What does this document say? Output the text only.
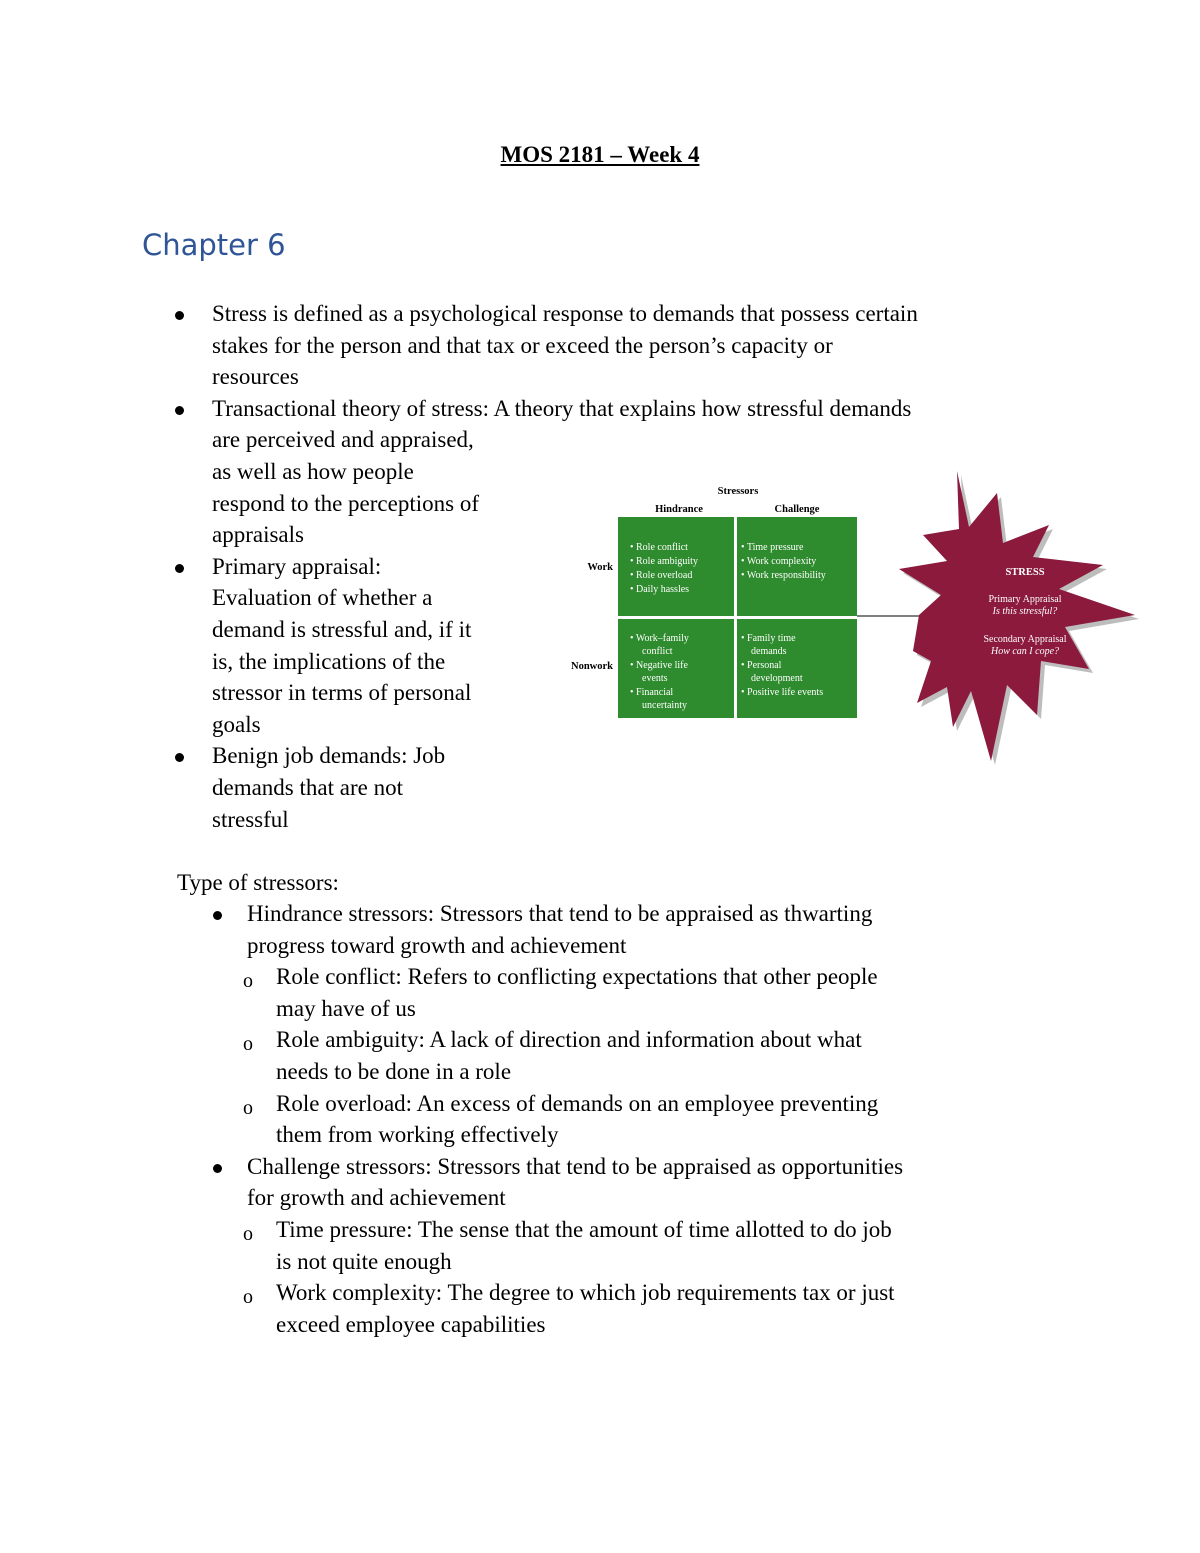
MOS 2181 – Week 4
Chapter 6
Stress is defined as a psychological response to demands that possess certain
stakes for the person and that tax or exceed the person’s capacity or
resources
Transactional theory of stress: A theory that explains how stressful demands
are perceived and appraised,
as well as how people
respond to the perceptions of
appraisals
Primary appraisal:
Evaluation of whether a
demand is stressful and, if it
is, the implications of the
stressor in terms of personal
goals
Benign job demands: Job
demands that are not
stressful
Stressors
Hindrance	Challenge
Work
Nonwork
• Role conflict
• Role ambiguity
• Role overload
• Daily hassles
• Time pressure
• Work complexity
• Work responsibility
• Work–family
conflict
• Negative life
events
• Financial
uncertainty
• Family time
demands
• Personal
development
• Positive life events
STRESS
Primary Appraisal
Is this stressful?
Secondary Appraisal
How can I cope?
Type of stressors:
Hindrance stressors: Stressors that tend to be appraised as thwarting
progress toward growth and achievement
o Role conflict: Refers to conflicting expectations that other people
may have of us
o Role ambiguity: A lack of direction and information about what
needs to be done in a role
o Role overload: An excess of demands on an employee preventing
them from working effectively
Challenge stressors: Stressors that tend to be appraised as opportunities
for growth and achievement
o Time pressure: The sense that the amount of time allotted to do job
is not quite enough
o Work complexity: The degree to which job requirements tax or just
exceed employee capabilities
